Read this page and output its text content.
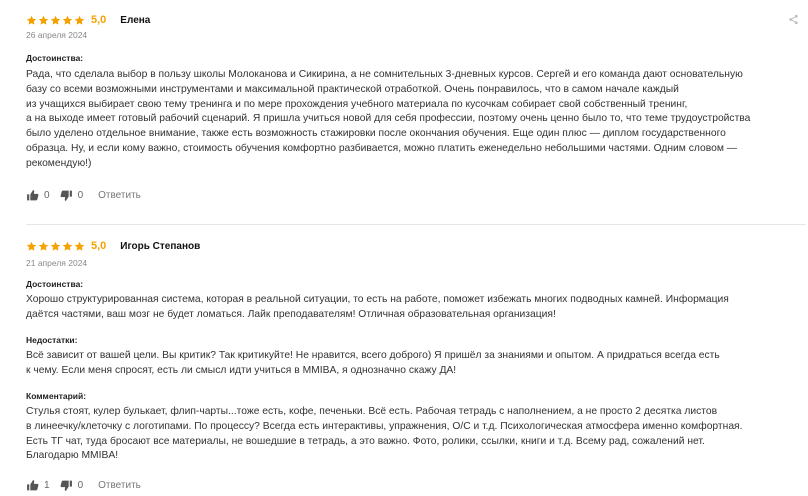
5,0 Елена
26 апреля 2024
Достоинства:
Рада, что сделала выбор в пользу школы Молоканова и Сикирина, а не сомнительных 3-дневных курсов. Сергей и его команда дают основательную
базу со всеми возможными инструментами и максимальной практической отработкой. Очень понравилось, что в самом начале каждый
из учащихся выбирает свою тему тренинга и по мере прохождения учебного материала по кусочкам собирает свой собственный тренинг,
а на выходе имеет готовый рабочий сценарий. Я пришла учиться новой для себя профессии, поэтому очень ценно было то, что теме трудоустройства
было уделено отдельное внимание, также есть возможность стажировки после окончания обучения. Еще один плюс — диплом государственного
образца. Ну, и если кому важно, стоимость обучения комфортно разбивается, можно платить еженедельно небольшими частями. Одним словом —
рекомендую!)
0	0 Ответить
5,0 Игорь Степанов
21 апреля 2024
Достоинства:
Хорошо структурированная система, которая в реальной ситуации, то есть на работе, поможет избежать многих подводных камней. Информация
даётся частями, ваш мозг не будет ломаться. Лайк преподавателям! Отличная образовательная организация!
Недостатки:
Всё зависит от вашей цели. Вы критик? Так критикуйте! Не нравится, всего доброго) Я пришёл за знаниями и опытом. А придраться всегда есть
к чему. Если меня спросят, есть ли смысл идти учиться в MMIBA, я однозначно скажу ДА!
Комментарий:
Стулья стоят, кулер булькает, флип-чарты...тоже есть, кофе, печеньки. Всё есть. Рабочая тетрадь с наполнением, а не просто 2 десятка листов
в линеечку/клеточку с логотипами. По процессу? Всегда есть интерактивы, упражнения, О/С и т.д. Психологическая атмосфера именно комфортная.
Есть ТГ чат, туда бросают все материалы, не вошедшие в тетрадь, а это важно. Фото, ролики, ссылки, книги и т.д. Всему рад, сожалений нет.
Благодарю MMIBA!
1	0 Ответить
